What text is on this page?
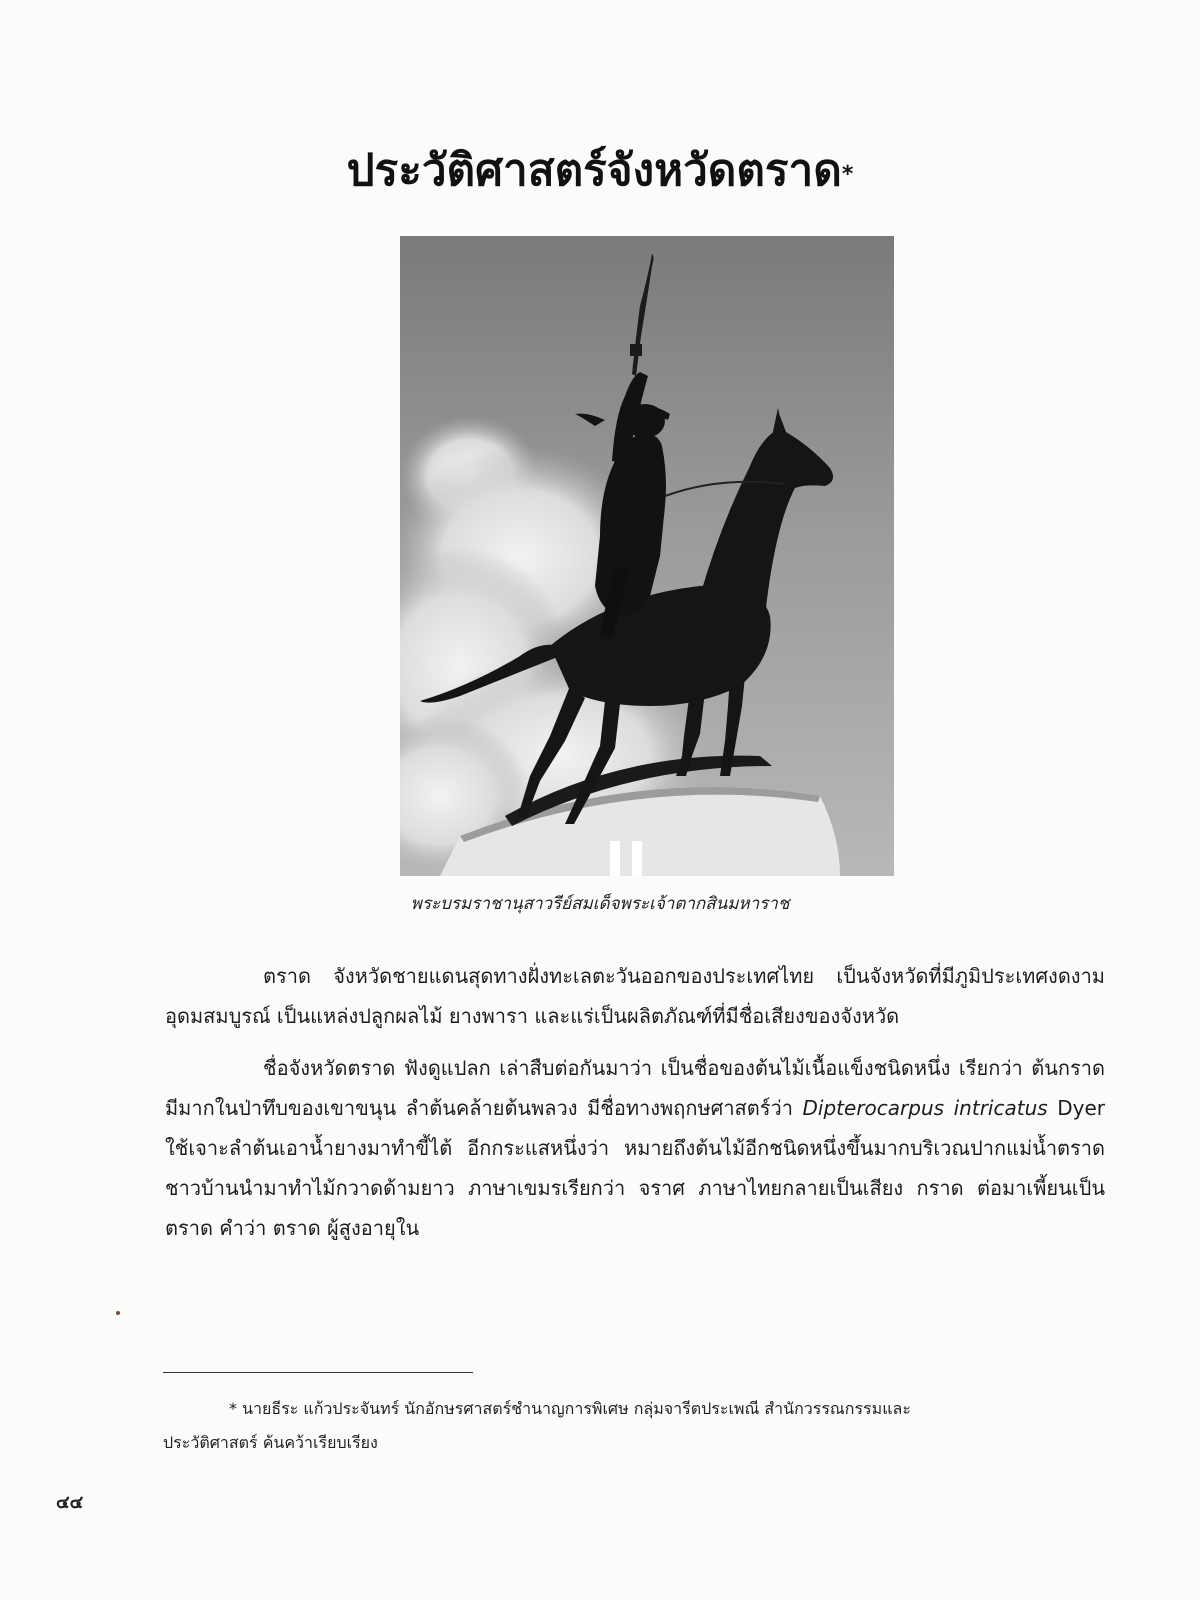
ประวัติศาสตร์จังหวัดตราด*
พระบรมราชานุสาวรีย์สมเด็จพระเจ้าตากสินมหาราช

ตราด จังหวัดชายแดนสุดทางฝั่งทะเลตะวันออกของประเทศไทย เป็นจังหวัดที่มีภูมิประเทศงดงาม อุดมสมบูรณ์ เป็นแหล่งปลูกผลไม้ ยางพารา และแร่เป็นผลิตภัณฑ์ที่มีชื่อเสียงของจังหวัด

ชื่อจังหวัดตราด ฟังดูแปลก เล่าสืบต่อกันมาว่า เป็นชื่อของต้นไม้เนื้อแข็งชนิดหนึ่ง เรียกว่า ต้นกราด มีมากในป่าทึบของเขาขนุน ลำต้นคล้ายต้นพลวง มีชื่อทางพฤกษศาสตร์ว่า Dipterocarpus intricatus Dyer ใช้เจาะลำต้นเอาน้ำยางมาทำขี้ไต้ อีกกระแสหนึ่งว่า หมายถึงต้นไม้อีกชนิดหนึ่งขึ้นมากบริเวณปากแม่น้ำตราด ชาวบ้านนำมาทำไม้กวาดด้ามยาว ภาษาเขมรเรียกว่า จราศ ภาษาไทยกลายเป็นเสียง กราด ต่อมาเพี้ยนเป็น ตราด คำว่า ตราด ผู้สูงอายุใน

* นายธีระ แก้วประจันทร์ นักอักษรศาสตร์ชำนาญการพิเศษ กลุ่มจารีตประเพณี สำนักวรรณกรรมและ
ประวัติศาสตร์ ค้นคว้าเรียบเรียง
๔๔
